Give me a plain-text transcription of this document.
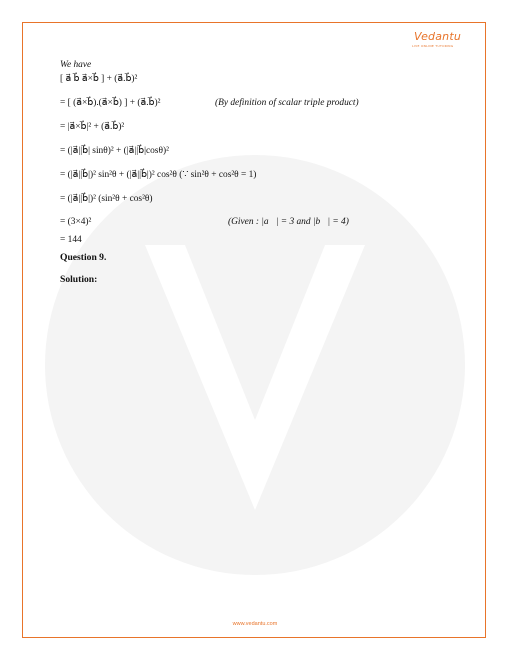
Vedantu
LIVE ONLINE TUTORING
We have
[ a⃗ b⃗ a⃗×b⃗ ] + (a⃗.b⃗)²
= [ (a⃗×b⃗).(a⃗×b⃗) ] + (a⃗.b⃗)²	(By definition of scalar triple product)
= |a⃗×b⃗|² + (a⃗.b⃗)²
= (|a⃗||b⃗| sinθ)² + (|a⃗||b⃗|cosθ)²
= (|a⃗||b⃗|)² sin²θ + (|a⃗||b⃗|)² cos²θ (∵ sin²θ + cos²θ = 1)
= (|a⃗||b⃗|)² (sin²θ + cos²θ)
= (3×4)²	(Given : |a⃗| = 3 and |b⃗| = 4)
= 144
Question 9.
Solution:
www.vedantu.com
